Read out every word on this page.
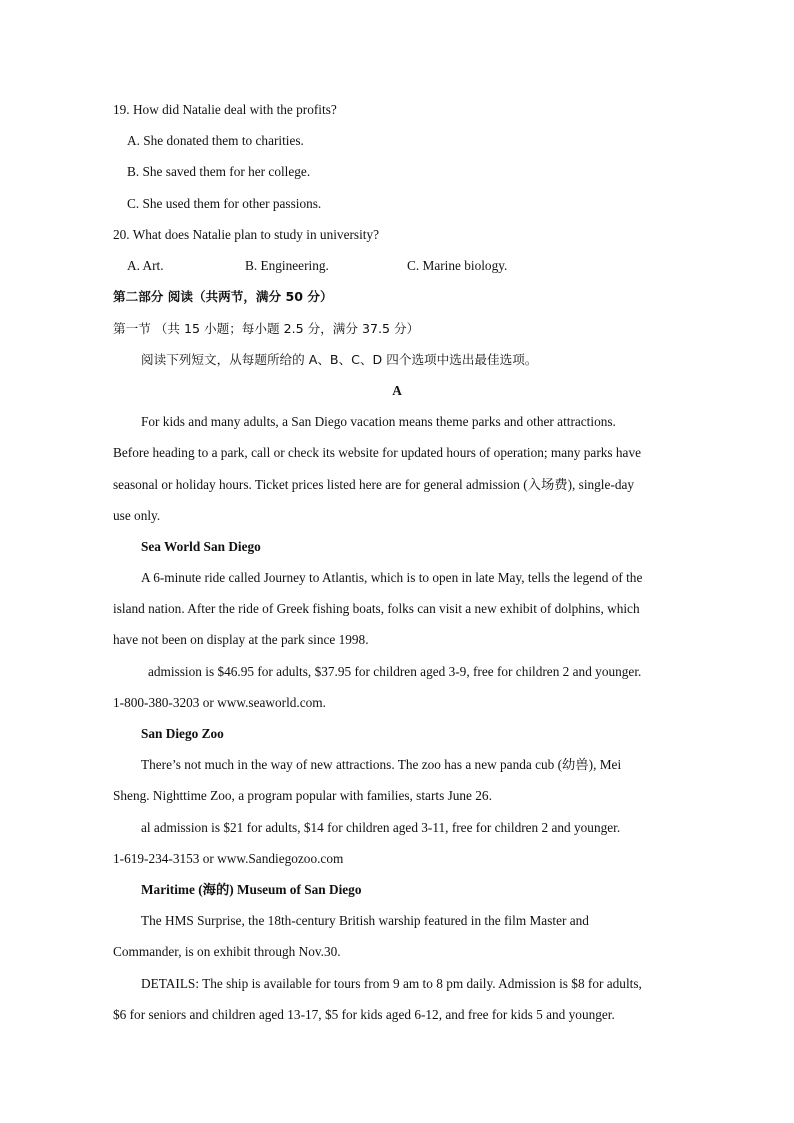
19. How did Natalie deal with the profits?
A. She donated them to charities.
B. She saved them for her college.
C. She used them for other passions.
20. What does Natalie plan to study in university?
A. Art.	B. Engineering.	C. Marine biology.
第二部分 阅读（共两节，满分 50 分）
第一节 （共 15 小题；每小题 2.5 分，满分 37.5 分）
阅读下列短文，从每题所给的 A、B、C、D 四个选项中选出最佳选项。
A
For kids and many adults, a San Diego vacation means theme parks and other attractions.
Before heading to a park, call or check its website for updated hours of operation; many parks have
seasonal or holiday hours. Ticket prices listed here are for general admission (入场费), single-day
use only.
Sea World San Diego
A 6-minute ride called Journey to Atlantis, which is to open in late May, tells the legend of the
island nation. After the ride of Greek fishing boats, folks can visit a new exhibit of dolphins, which
have not been on display at the park since 1998.
admission is $46.95 for adults, $37.95 for children aged 3-9, free for children 2 and younger.
1-800-380-3203 or www.seaworld.com.
San Diego Zoo
There’s not much in the way of new attractions. The zoo has a new panda cub (幼兽), Mei
Sheng. Nighttime Zoo, a program popular with families, starts June 26.
al admission is $21 for adults, $14 for children aged 3-11, free for children 2 and younger.
1-619-234-3153 or www.Sandiegozoo.com
Maritime (海的) Museum of San Diego
The HMS Surprise, the 18th-century British warship featured in the film Master and
Commander, is on exhibit through Nov.30.
DETAILS: The ship is available for tours from 9 am to 8 pm daily. Admission is $8 for adults,
$6 for seniors and children aged 13-17, $5 for kids aged 6-12, and free for kids 5 and younger.
